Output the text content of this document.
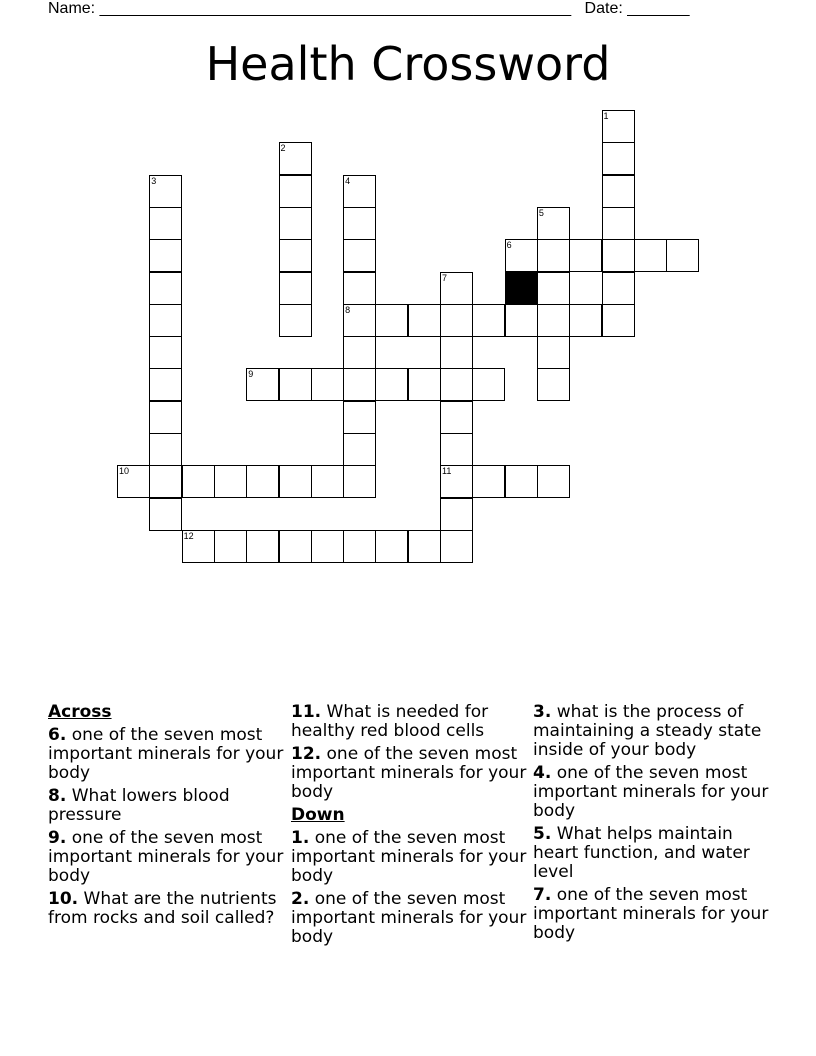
Name: _____________________________________________________ Date: _______
Health Crossword
1
2
3	4
8
5
6
7
11
9
10
12
Across
6. one of the seven most important minerals for your body
8. What lowers blood pressure
9. one of the seven most important minerals for your body
10. What are the nutrients from rocks and soil called?
11. What is needed for healthy red blood cells
12. one of the seven most important minerals for your body
Down
1. one of the seven most important minerals for your body
2. one of the seven most important minerals for your body
3. what is the process of maintaining a steady state inside of your body
4. one of the seven most important minerals for your body
5. What helps maintain heart function, and water level
7. one of the seven most important minerals for your body
